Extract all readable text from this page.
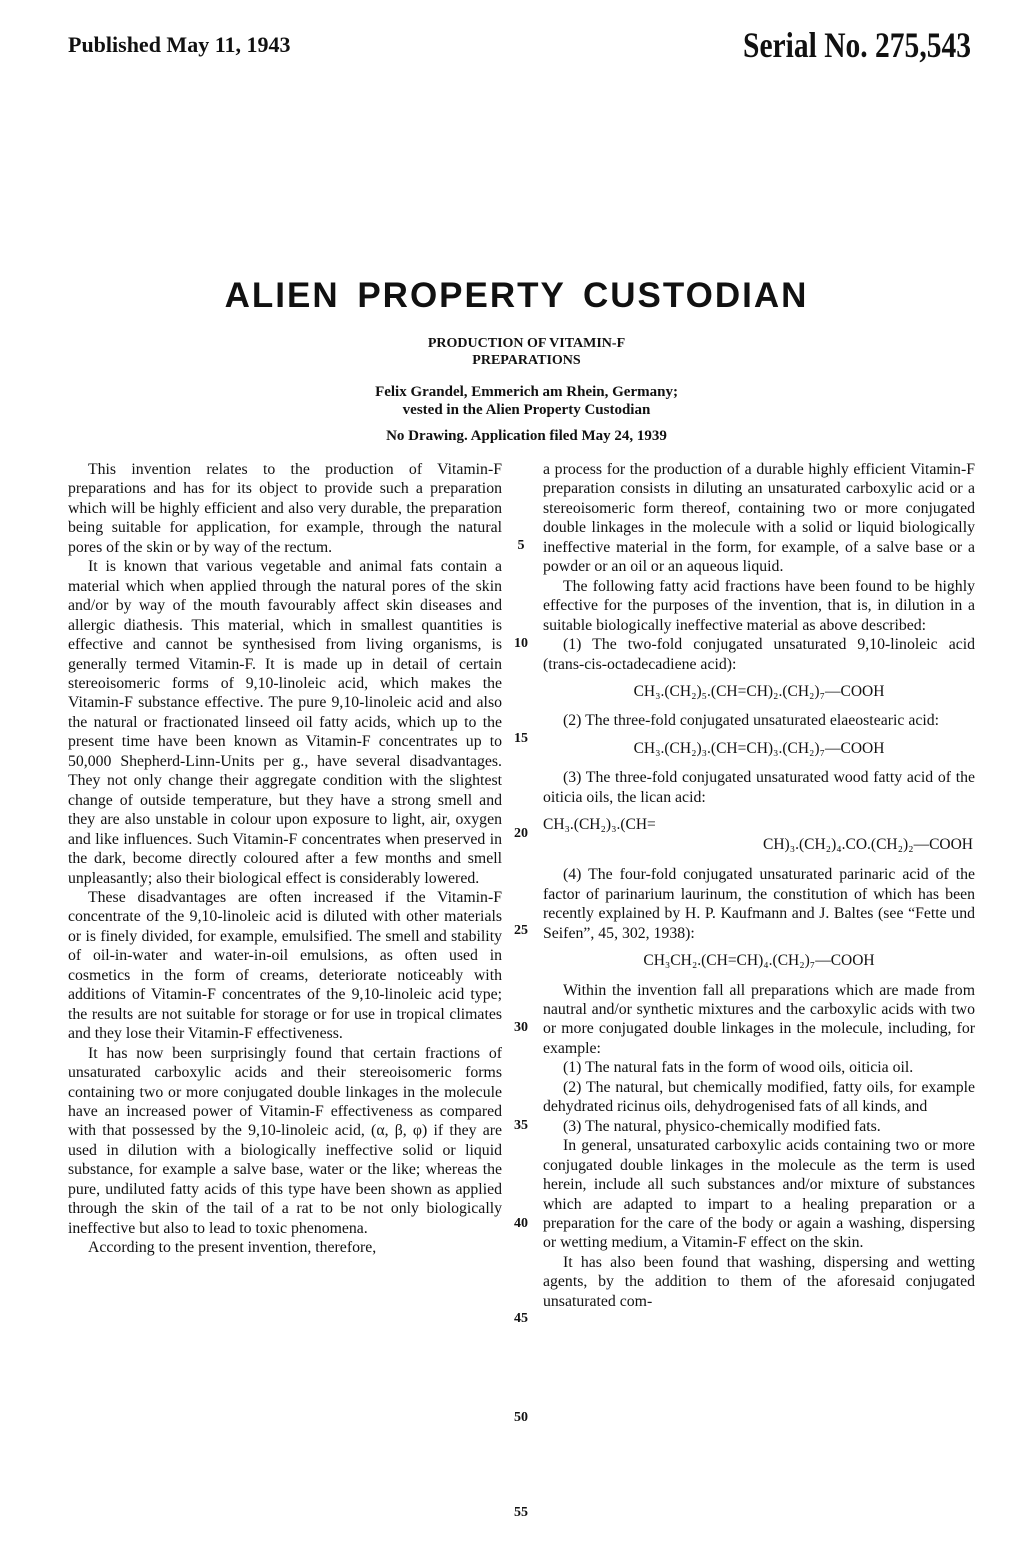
Published May 11, 1943	Serial No. 275,543
ALIEN PROPERTY CUSTODIAN
PRODUCTION OF VITAMIN-F
PREPARATIONS
Felix Grandel, Emmerich am Rhein, Germany;
vested in the Alien Property Custodian
No Drawing. Application filed May 24, 1939

This invention relates to the production of Vitamin-F preparations and has for its object to provide such a preparation which will be highly efficient and also very durable, the preparation being suitable for application, for example, through the natural pores of the skin or by way of the rectum.

It is known that various vegetable and animal fats contain a material which when applied through the natural pores of the skin and/or by way of the mouth favourably affect skin diseases and allergic diathesis. This material, which in smallest quantities is effective and cannot be synthesised from living organisms, is generally termed Vitamin-F. It is made up in detail of certain stereoisomeric forms of 9,10-linoleic acid, which makes the Vitamin-F substance effective. The pure 9,10-linoleic acid and also the natural or fractionated linseed oil fatty acids, which up to the present time have been known as Vitamin-F concentrates up to 50,000 Shepherd-Linn-Units per g., have several disadvantages. They not only change their aggregate condition with the slightest change of outside temperature, but they have a strong smell and they are also unstable in colour upon exposure to light, air, oxygen and like influences. Such Vitamin-F concentrates when preserved in the dark, become directly coloured after a few months and smell unpleasantly; also their biological effect is considerably lowered.

These disadvantages are often increased if the Vitamin-F concentrate of the 9,10-linoleic acid is diluted with other materials or is finely divided, for example, emulsified. The smell and stability of oil-in-water and water-in-oil emulsions, as often used in cosmetics in the form of creams, deteriorate noticeably with additions of Vitamin-F concentrates of the 9,10-linoleic acid type; the results are not suitable for storage or for use in tropical climates and they lose their Vitamin-F effectiveness.

It has now been surprisingly found that certain fractions of unsaturated carboxylic acids and their stereoisomeric forms containing two or more conjugated double linkages in the molecule have an increased power of Vitamin-F effectiveness as compared with that possessed by the 9,10-linoleic acid, (α, β, φ) if they are used in dilution with a biologically ineffective solid or liquid substance, for example a salve base, water or the like; whereas the pure, undiluted fatty acids of this type have been shown as applied through the skin of the tail of a rat to be not only biologically ineffective but also to lead to toxic phenomena.

According to the present invention, therefore,

a process for the production of a durable highly efficient Vitamin-F preparation consists in diluting an unsaturated carboxylic acid or a stereoisomeric form thereof, containing two or more conjugated double linkages in the molecule with a solid or liquid biologically ineffective material in the form, for example, of a salve base or a powder or an oil or an aqueous liquid.

The following fatty acid fractions have been found to be highly effective for the purposes of the invention, that is, in dilution in a suitable biologically ineffective material as above described:

(1) The two-fold conjugated unsaturated 9,10-linoleic acid (trans-cis-octadecadiene acid):

CH₃.(CH₂)₅.(CH=CH)₂.(CH₂)₇—COOH

(2) The three-fold conjugated unsaturated elaeostearic acid:

CH₃.(CH₂)₃.(CH=CH)₃.(CH₂)₇—COOH

(3) The three-fold conjugated unsaturated wood fatty acid of the oiticia oils, the lican acid:

CH₃.(CH₂)₃.(CH=
CH)₃.(CH₂)₄.CO.(CH₂)₂—COOH

(4) The four-fold conjugated unsaturated parinaric acid of the factor of parinarium laurinum, the constitution of which has been recently explained by H. P. Kaufmann and J. Baltes (see “Fette und Seifen”, 45, 302, 1938):

CH₃CH₂.(CH=CH)₄.(CH₂)₇—COOH

Within the invention fall all preparations which are made from nautral and/or synthetic mixtures and the carboxylic acids with two or more conjugated double linkages in the molecule, including, for example:

(1) The natural fats in the form of wood oils, oiticia oil.

(2) The natural, but chemically modified, fatty oils, for example dehydrated ricinus oils, dehydrogenised fats of all kinds, and

(3) The natural, physico-chemically modified fats.

In general, unsaturated carboxylic acids containing two or more conjugated double linkages in the molecule as the term is used herein, include all such substances and/or mixture of substances which are adapted to impart to a healing preparation or a preparation for the care of the body or again a washing, dispersing or wetting medium, a Vitamin-F effect on the skin.

It has also been found that washing, dispersing and wetting agents, by the addition to them of the aforesaid conjugated unsaturated com-

5
10
15
20
25
30
35
40
45
50
55
